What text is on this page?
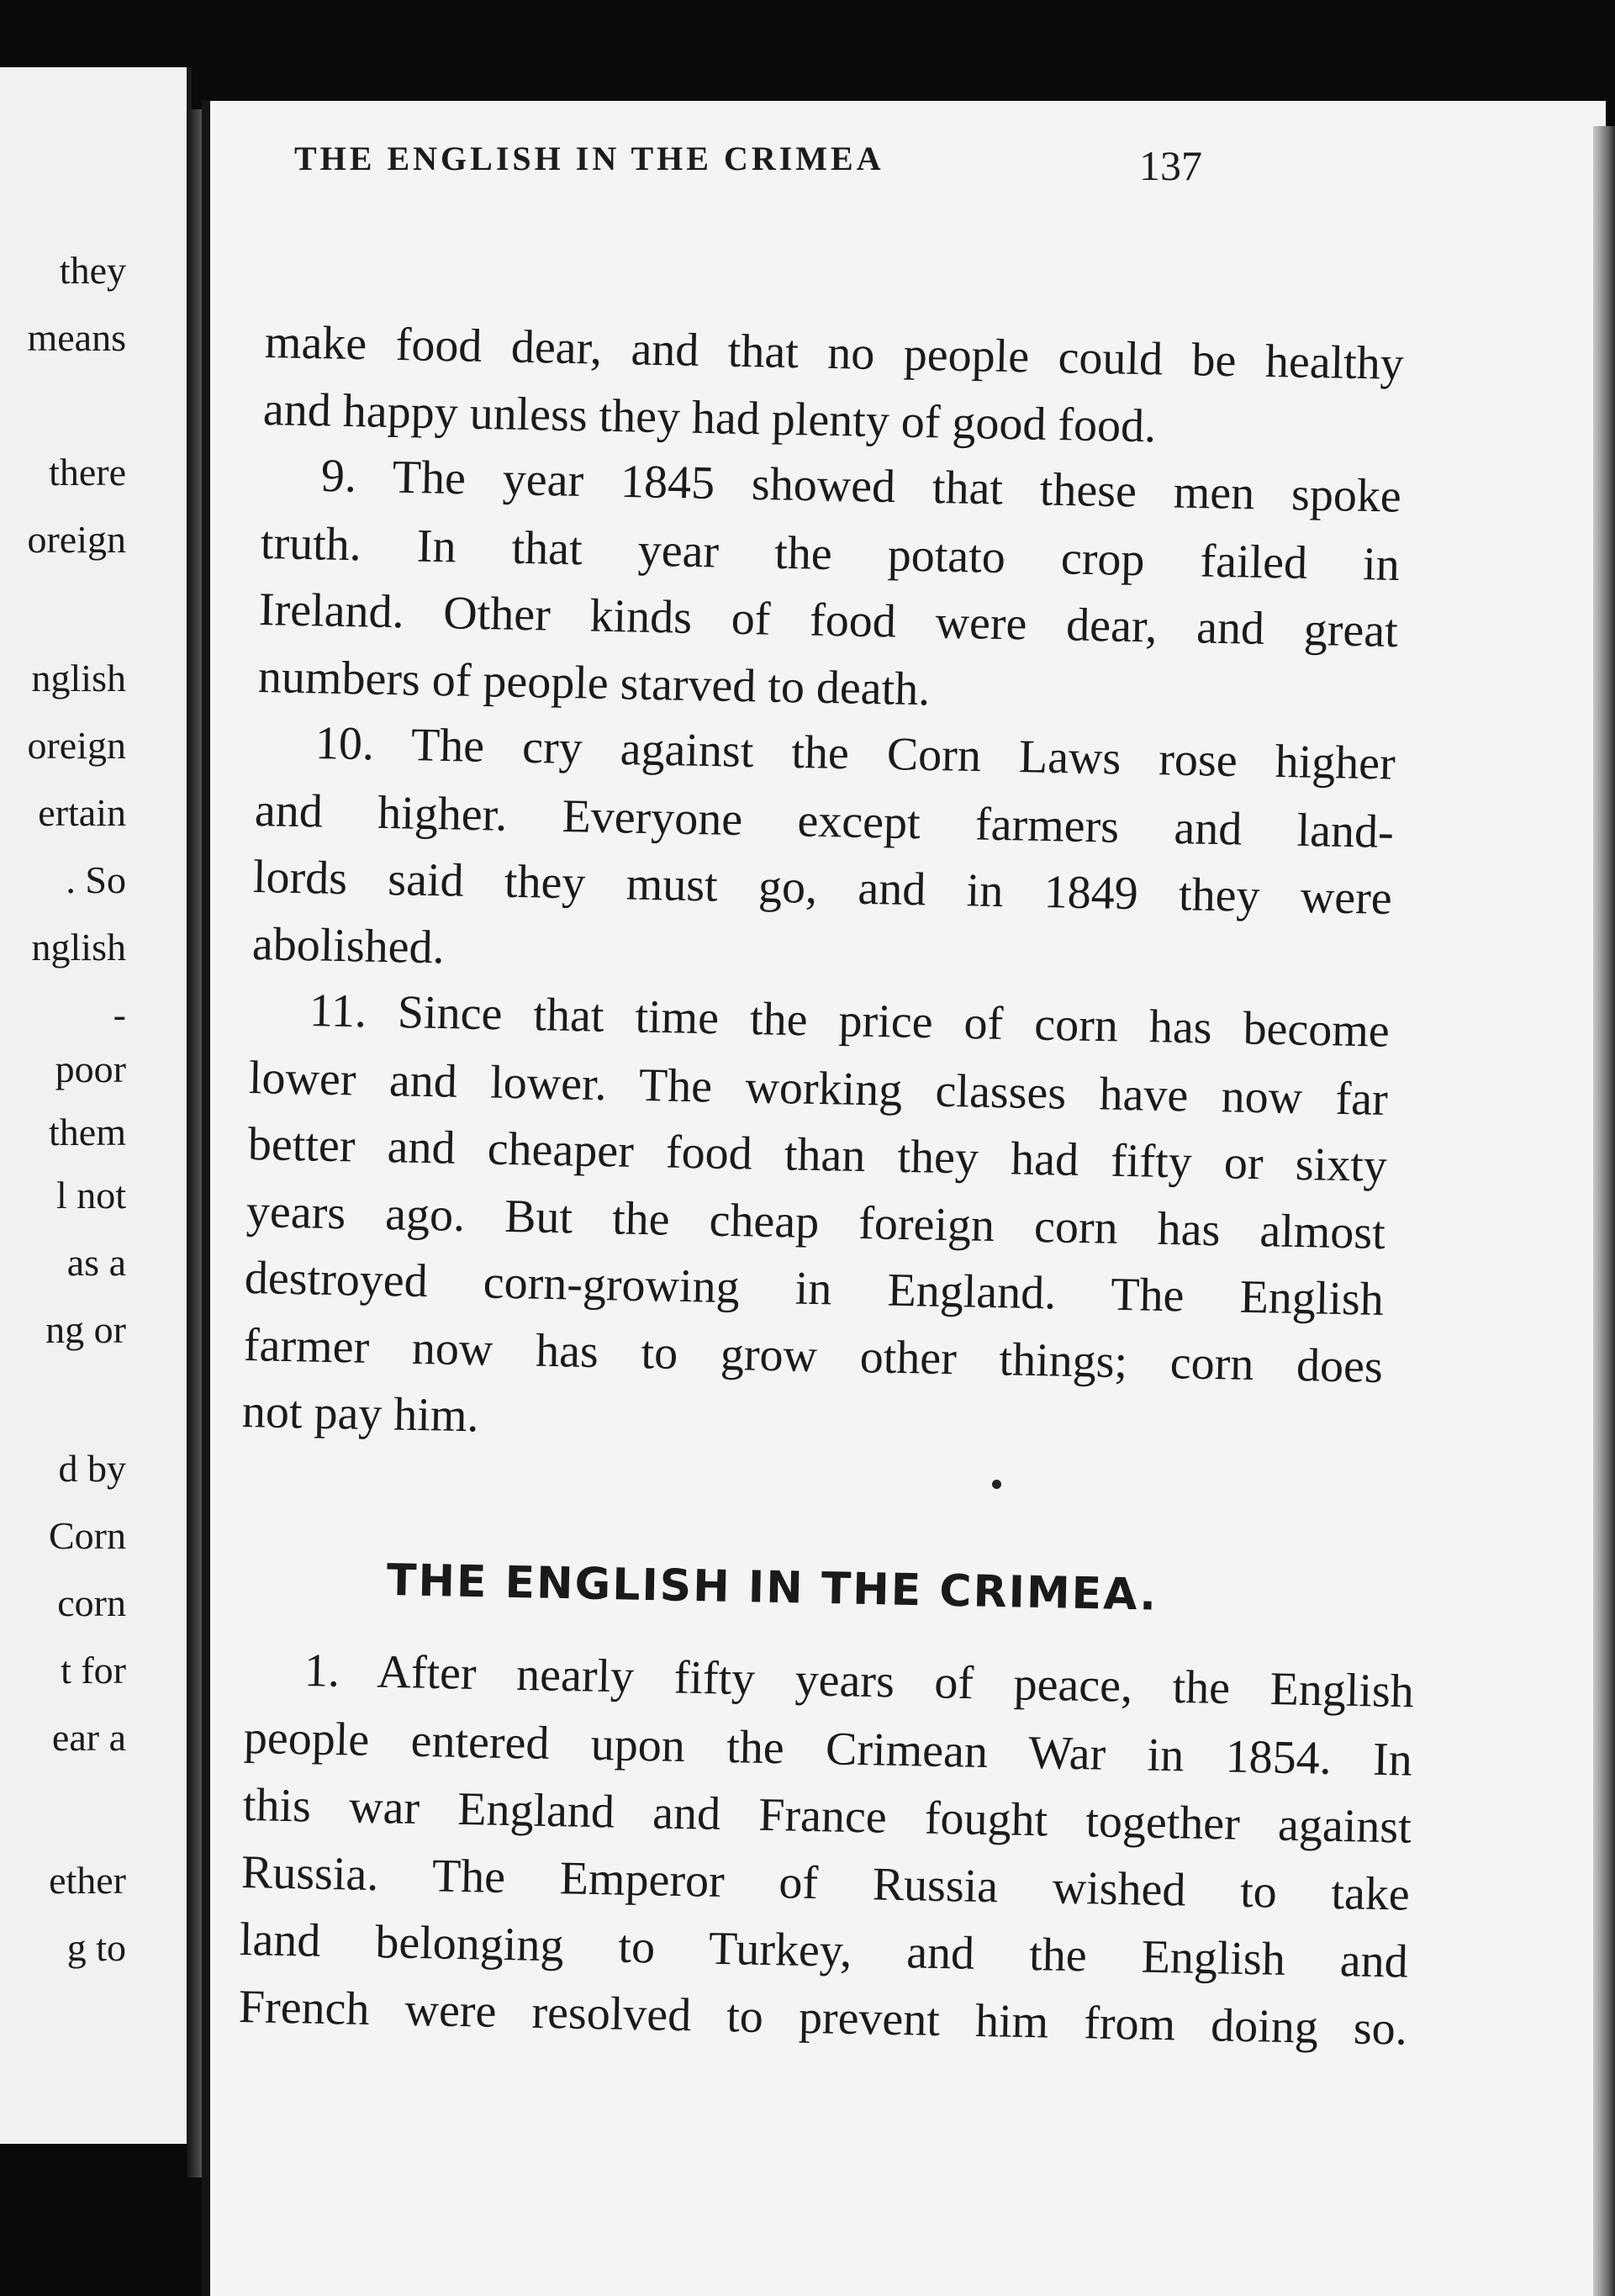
they
means
there
oreign
nglish
oreign
ertain
. So
nglish
-
poor
them
l not
as a
ng or
d by
Corn
corn
t for
ear a
ether
g to
make food dear, and that no people could be healthy
and happy unless they had plenty of good food.
9. The year 1845 showed that these men spoke
truth. In that year the potato crop failed in
Ireland. Other kinds of food were dear, and great
numbers of people starved to death.
10. The cry against the Corn Laws rose higher
and higher. Everyone except farmers and land-
lords said they must go, and in 1849 they were
abolished.
11. Since that time the price of corn has become
lower and lower. The working classes have now far
better and cheaper food than they had fifty or sixty
years ago. But the cheap foreign corn has almost
destroyed corn-growing in England. The English
farmer now has to grow other things; corn does
not pay him.
THE ENGLISH IN THE CRIMEA.
1. After nearly fifty years of peace, the English
people entered upon the Crimean War in 1854. In
this war England and France fought together against
Russia. The Emperor of Russia wished to take
land belonging to Turkey, and the English and
French were resolved to prevent him from doing so.
THE ENGLISH IN THE CRIMEA	137
